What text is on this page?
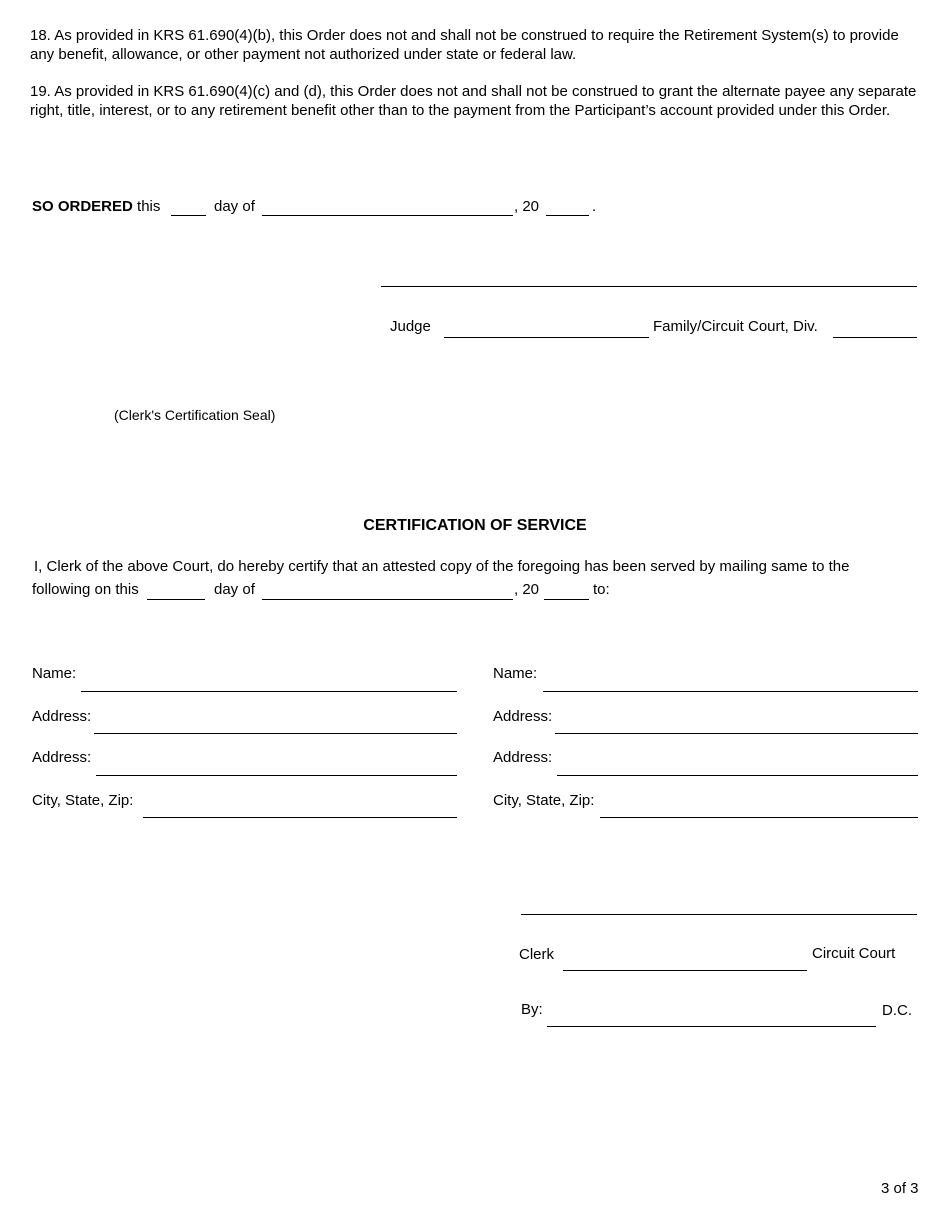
18. As provided in KRS 61.690(4)(b), this Order does not and shall not be construed to require the Retirement System(s) to provide any benefit, allowance, or other payment not authorized under state or federal law.
19. As provided in KRS 61.690(4)(c) and (d), this Order does not and shall not be construed to grant the alternate payee any separate right, title, interest, or to any retirement benefit other than to the payment from the Participant’s account provided under this Order.
SO ORDERED this	day of	, 20	.
Judge	Family/Circuit Court, Div.
(Clerk's Certification Seal)
CERTIFICATION OF SERVICE
I, Clerk of the above Court, do hereby certify that an attested copy of the foregoing has been served by mailing same to the
following on this	day of	, 20	to:
Name:
Address:
Address:
City, State, Zip:
Name:
Address:
Address:
City, State, Zip:
Clerk	Circuit Court
By:	D.C.
3 of 3
